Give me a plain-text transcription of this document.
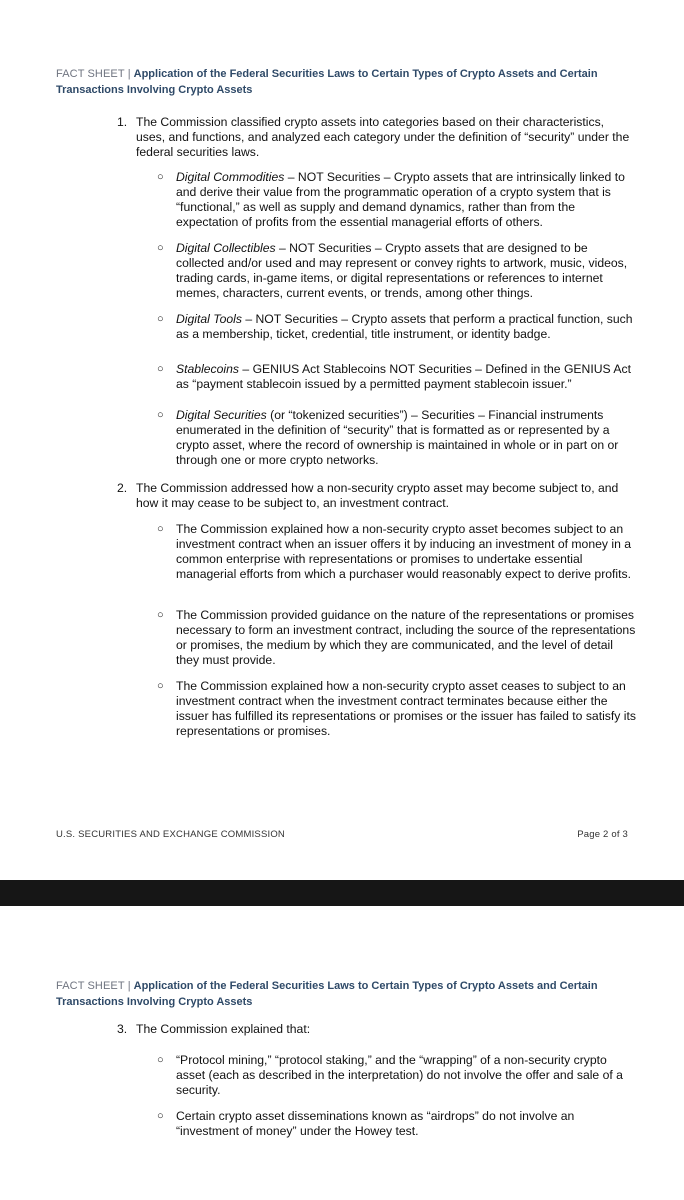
FACT SHEET | Application of the Federal Securities Laws to Certain Types of Crypto Assets and Certain Transactions Involving Crypto Assets
1. The Commission classified crypto assets into categories based on their characteristics, uses, and functions, and analyzed each category under the definition of “security” under the federal securities laws.
○ Digital Commodities – NOT Securities – Crypto assets that are intrinsically linked to and derive their value from the programmatic operation of a crypto system that is “functional,” as well as supply and demand dynamics, rather than from the expectation of profits from the essential managerial efforts of others.
○ Digital Collectibles – NOT Securities – Crypto assets that are designed to be collected and/or used and may represent or convey rights to artwork, music, videos, trading cards, in-game items, or digital representations or references to internet memes, characters, current events, or trends, among other things.
○ Digital Tools – NOT Securities – Crypto assets that perform a practical function, such as a membership, ticket, credential, title instrument, or identity badge.
○ Stablecoins – GENIUS Act Stablecoins NOT Securities – Defined in the GENIUS Act as “payment stablecoin issued by a permitted payment stablecoin issuer.”
○ Digital Securities (or “tokenized securities”) – Securities – Financial instruments enumerated in the definition of “security” that is formatted as or represented by a crypto asset, where the record of ownership is maintained in whole or in part on or through one or more crypto networks.
2. The Commission addressed how a non-security crypto asset may become subject to, and how it may cease to be subject to, an investment contract.
○ The Commission explained how a non-security crypto asset becomes subject to an investment contract when an issuer offers it by inducing an investment of money in a common enterprise with representations or promises to undertake essential managerial efforts from which a purchaser would reasonably expect to derive profits.
○ The Commission provided guidance on the nature of the representations or promises necessary to form an investment contract, including the source of the representations or promises, the medium by which they are communicated, and the level of detail they must provide.
○ The Commission explained how a non-security crypto asset ceases to subject to an investment contract when the investment contract terminates because either the issuer has fulfilled its representations or promises or the issuer has failed to satisfy its representations or promises.
U.S. SECURITIES AND EXCHANGE COMMISSION	Page 2 of 3
FACT SHEET | Application of the Federal Securities Laws to Certain Types of Crypto Assets and Certain Transactions Involving Crypto Assets
3. The Commission explained that:
○ “Protocol mining,” “protocol staking,” and the “wrapping” of a non-security crypto asset (each as described in the interpretation) do not involve the offer and sale of a security.
○ Certain crypto asset disseminations known as “airdrops” do not involve an “investment of money” under the Howey test.
